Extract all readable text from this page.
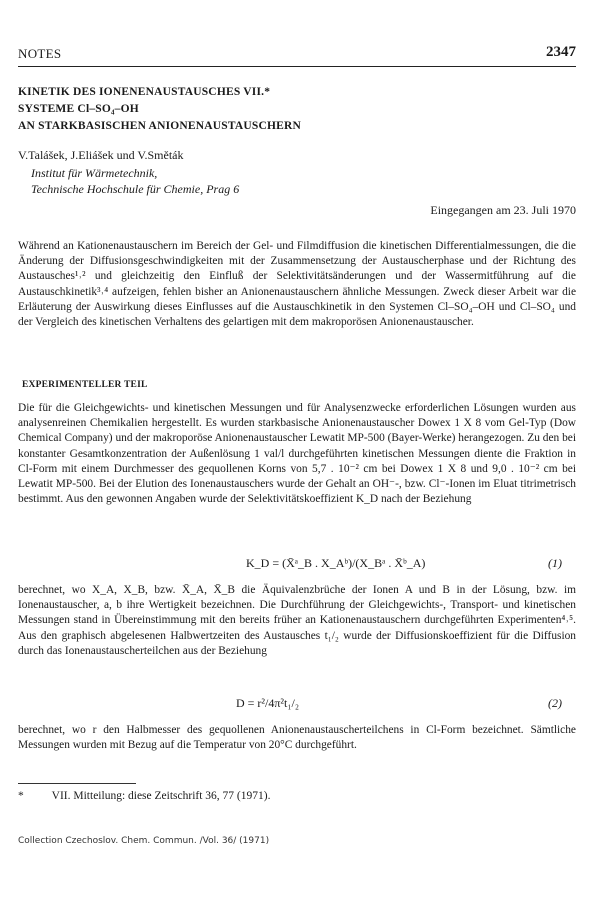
NOTES	2347
KINETIK DES IONENENAUSTAUSCHES VII.*
SYSTEME Cl–SO₄–OH
AN STARKBASISCHEN ANIONENAUSTAUSCHERN
V.Talášek, J.Eliášek und V.Směták
Institut für Wärmetechnik,
Technische Hochschule für Chemie, Prag 6
Eingegangen am 23. Juli 1970
Während an Kationenaustauschern im Bereich der Gel- und Filmdiffusion die kinetischen Differentialmessungen, die die Änderung der Diffusionsgeschwindigkeiten mit der Zusammensetzung der Austauscherphase und der Richtung des Austausches¹˒² und gleichzeitig den Einfluß der Selektivitätsänderungen und der Wassermitführung auf die Austauschkinetik³˒⁴ aufzeigen, fehlen bisher an Anionenaustauschern ähnliche Messungen. Zweck dieser Arbeit war die Erläuterung der Auswirkung dieses Einflusses auf die Austauschkinetik in den Systemen Cl–SO₄–OH und Cl–SO₄ und der Vergleich des kinetischen Verhaltens des gelartigen mit dem makroporösen Anionenaustauscher.
EXPERIMENTELLER TEIL
Die für die Gleichgewichts- und kinetischen Messungen und für Analysenzwecke erforderlichen Lösungen wurden aus analysenreinen Chemikalien hergestellt. Es wurden starkbasische Anionenaustauscher Dowex 1 X 8 vom Gel-Typ (Dow Chemical Company) und der makroporöse Anionenaustauscher Lewatit MP-500 (Bayer-Werke) herangezogen. Zu den bei konstanter Gesamtkonzentration der Außenlösung 1 val/l durchgeführten kinetischen Messungen diente die Fraktion in Cl-Form mit einem Durchmesser des gequollenen Korns von 5,7 . 10⁻² cm bei Dowex 1 X 8 und 9,0 . 10⁻² cm bei Lewatit MP-500. Bei der Elution des Ionenaustauschers wurde der Gehalt an OH⁻-, bzw. Cl⁻-Ionen im Eluat titrimetrisch bestimmt. Aus den gewonnen Angaben wurde der Selektivitätskoeffizient K_D nach der Beziehung
K_D = (X̄ᵃ_B . X_Aᵇ)/(X_Bᵃ . X̄ᵇ_A)	(1)
berechnet, wo X_A, X_B, bzw. X̄_A, X̄_B die Äquivalenzbrüche der Ionen A und B in der Lösung, bzw. im Ionenaustauscher, a, b ihre Wertigkeit bezeichnen. Die Durchführung der Gleichgewichts-, Transport- und kinetischen Messungen stand in Übereinstimmung mit den bereits früher an Kationenaustauschern durchgeführten Experimenten⁴˒⁵. Aus den graphisch abgelesenen Halbwertzeiten des Austausches t₁/₂ wurde der Diffusionskoeffizient für die Diffusion durch das Ionenaustauscherteilchen aus der Beziehung
D = r²/4π²t₁/₂	(2)
berechnet, wo r den Halbmesser des gequollenen Anionenaustauscherteilchens in Cl-Form bezeichnet. Sämtliche Messungen wurden mit Bezug auf die Temperatur von 20°C durchgeführt.
* VII. Mitteilung: diese Zeitschrift 36, 77 (1971).
Collection Czechoslov. Chem. Commun. /Vol. 36/ (1971)
